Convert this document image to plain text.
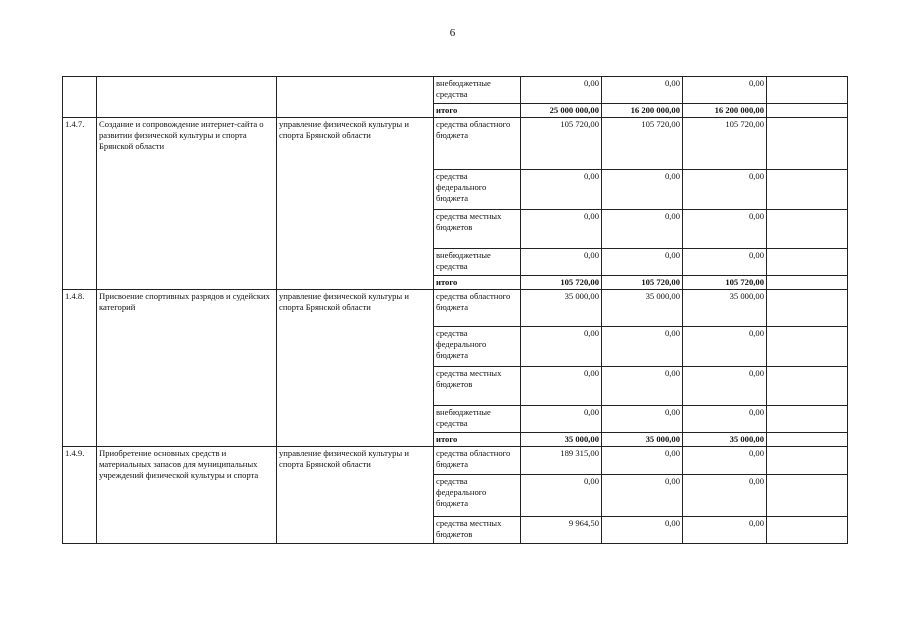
6
			внебюджетные средства	0,00	0,00	0,00	
			итого	25 000 000,00	16 200 000,00	16 200 000,00	
1.4.7.	Создание и сопровождение интернет-сайта о развитии физической культуры и спорта Брянской области	управление физической культуры и спорта Брянской области	средства областного бюджета	105 720,00	105 720,00	105 720,00	
			средства федерального бюджета	0,00	0,00	0,00	
			средства местных бюджетов	0,00	0,00	0,00	
			внебюджетные средства	0,00	0,00	0,00	
			итого	105 720,00	105 720,00	105 720,00	
1.4.8.	Присвоение спортивных разрядов и судейских категорий	управление физической культуры и спорта Брянской области	средства областного бюджета	35 000,00	35 000,00	35 000,00	
			средства федерального бюджета	0,00	0,00	0,00	
			средства местных бюджетов	0,00	0,00	0,00	
			внебюджетные средства	0,00	0,00	0,00	
			итого	35 000,00	35 000,00	35 000,00	
1.4.9.	Приобретение основных средств и материальных запасов для муниципальных учреждений физической культуры и спорта	управление физической культуры и спорта Брянской области	средства областного бюджета	189 315,00	0,00	0,00	
			средства федерального бюджета	0,00	0,00	0,00	
			средства местных бюджетов	9 964,50	0,00	0,00	
